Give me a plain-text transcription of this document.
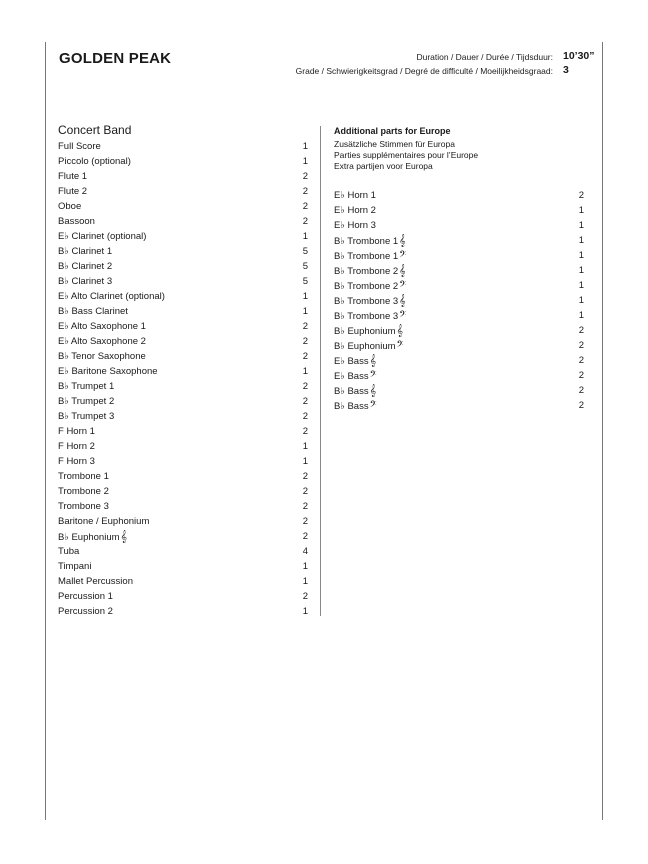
GOLDEN PEAK	Duration / Dauer / Durée / Tijdsduur: 10’30”
Grade / Schwierigkeitsgrad / Degré de difficulté / Moeilijkheidsgraad: 3
Concert Band
Full Score	1
Piccolo (optional)	1
Flute 1	2
Flute 2	2
Oboe	2
Bassoon	2
E♭ Clarinet (optional)	1
B♭ Clarinet 1	5
B♭ Clarinet 2	5
B♭ Clarinet 3	5
E♭ Alto Clarinet (optional)	1
B♭ Bass Clarinet	1
E♭ Alto Saxophone 1	2
E♭ Alto Saxophone 2	2
B♭ Tenor Saxophone	2
E♭ Baritone Saxophone	1
B♭ Trumpet 1	2
B♭ Trumpet 2	2
B♭ Trumpet 3	2
F Horn 1	2
F Horn 2	1
F Horn 3	1
Trombone 1	2
Trombone 2	2
Trombone 3	2
Baritone / Euphonium	2
B♭ Euphonium𝄞	2
Tuba	4
Timpani	1
Mallet Percussion	1
Percussion 1	2
Percussion 2	1
Additional parts for Europe
Zusätzliche Stimmen für Europa
Parties supplémentaires pour l’Europe
Extra partijen voor Europa
E♭ Horn 1	2
E♭ Horn 2	1
E♭ Horn 3	1
B♭ Trombone 1𝄞	1
B♭ Trombone 1𝄢	1
B♭ Trombone 2𝄞	1
B♭ Trombone 2𝄢	1
B♭ Trombone 3𝄞	1
B♭ Trombone 3𝄢	1
B♭ Euphonium𝄞	2
B♭ Euphonium𝄢	2
E♭ Bass𝄞	2
E♭ Bass𝄢	2
B♭ Bass𝄞	2
B♭ Bass𝄢	2
